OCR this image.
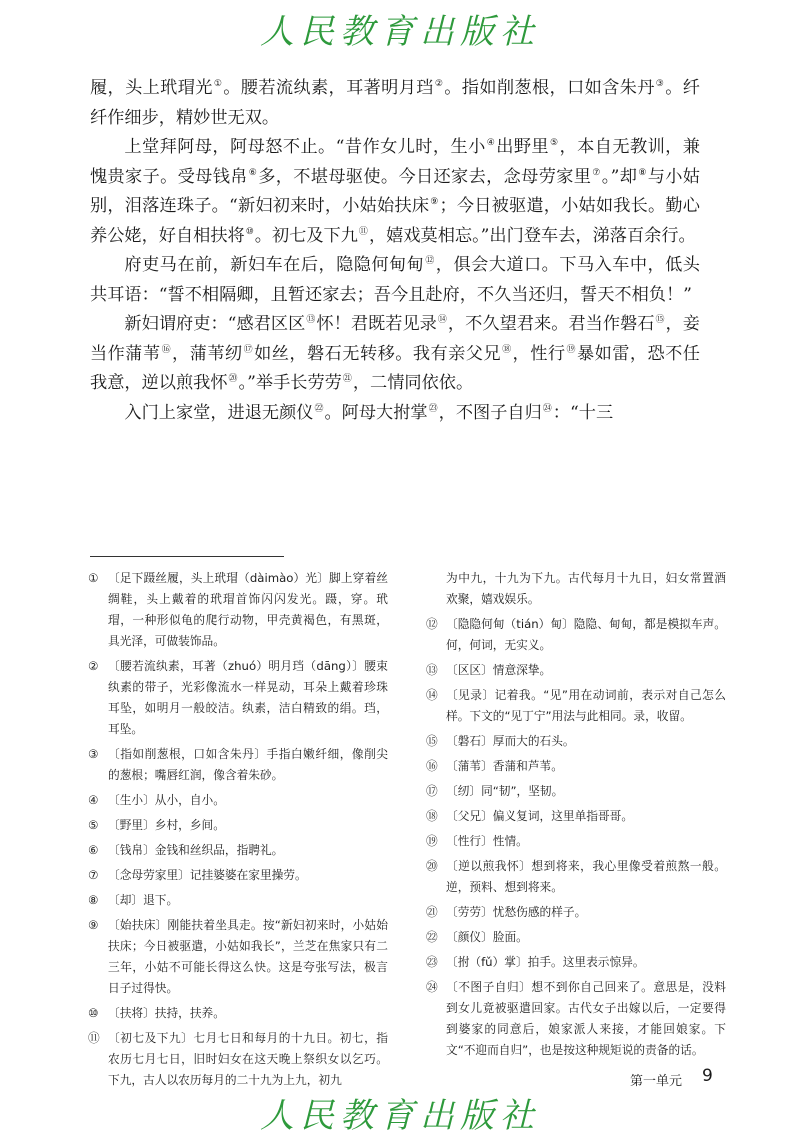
人民教育出版社

履，头上玳瑁光①。腰若流纨素，耳著明月珰②。指如削葱根，口如含朱丹③。纤纤作细步，精妙世无双。

上堂拜阿母，阿母怒不止。“昔作女儿时，生小④出野里⑤，本自无教训，兼愧贵家子。受母钱帛⑥多，不堪母驱使。今日还家去，念母劳家里⑦。”却⑧与小姑别，泪落连珠子。“新妇初来时，小姑始扶床⑨；今日被驱遣，小姑如我长。勤心养公姥，好自相扶将⑩。初七及下九⑪，嬉戏莫相忘。”出门登车去，涕落百余行。

府吏马在前，新妇车在后，隐隐何甸甸⑫，俱会大道口。下马入车中，低头共耳语：“誓不相隔卿，且暂还家去；吾今且赴府，不久当还归，誓天不相负！”

新妇谓府吏：“感君区区⑬怀！君既若见录⑭，不久望君来。君当作磐石⑮，妾当作蒲苇⑯，蒲苇纫⑰如丝，磐石无转移。我有亲父兄⑱，性行⑲暴如雷，恐不任我意，逆以煎我怀⑳。”举手长劳劳$^㉑$，二情同依依。

入门上家堂，进退无颜仪$^㉒$。阿母大拊掌$^㉓$，不图子自归$^㉔$：“十三

① 〔足下蹑丝履，头上玳瑁（dàimào）光〕脚上穿着丝绸鞋，头上戴着的玳瑁首饰闪闪发光。蹑，穿。玳瑁，一种形似龟的爬行动物，甲壳黄褐色，有黑斑，具光泽，可做装饰品。

② 〔腰若流纨素，耳著（zhuó）明月珰（dāng）〕腰束纨素的带子，光彩像流水一样晃动，耳朵上戴着珍珠耳坠，如明月一般皎洁。纨素，洁白精致的绢。珰，耳坠。

③ 〔指如削葱根，口如含朱丹〕手指白嫩纤细，像削尖的葱根；嘴唇红润，像含着朱砂。

④ 〔生小〕从小，自小。

⑤ 〔野里〕乡村，乡间。

⑥ 〔钱帛〕金钱和丝织品，指聘礼。

⑦ 〔念母劳家里〕记挂婆婆在家里操劳。

⑧ 〔却〕退下。

⑨ 〔始扶床〕刚能扶着坐具走。按“新妇初来时，小姑始扶床；今日被驱遣，小姑如我长”，兰芝在焦家只有二三年，小姑不可能长得这么快。这是夸张写法，极言日子过得快。

⑩ 〔扶将〕扶持，扶养。

⑪ 〔初七及下九〕七月七日和每月的十九日。初七，指农历七月七日，旧时妇女在这天晚上祭织女以乞巧。下九，古人以农历每月的二十九为上九，初九

为中九，十九为下九。古代每月十九日，妇女常置酒欢聚，嬉戏娱乐。

⑫ 〔隐隐何甸（tián）甸〕隐隐、甸甸，都是模拟车声。何，何词，无实义。

⑬ 〔区区〕情意深挚。

⑭ 〔见录〕记着我。“见”用在动词前，表示对自己怎么样。下文的“见丁宁”用法与此相同。录，收留。

⑮ 〔磐石〕厚而大的石头。

⑯ 〔蒲苇〕香蒲和芦苇。

⑰ 〔纫〕同“韧”，坚韧。

⑱ 〔父兄〕偏义复词，这里单指哥哥。

⑲ 〔性行〕性情。

⑳ 〔逆以煎我怀〕想到将来，我心里像受着煎熬一般。逆，预料、想到将来。

㉑ 〔劳劳〕忧愁伤感的样子。

㉒ 〔颜仪〕脸面。

㉓ 〔拊（fǔ）掌〕拍手。这里表示惊异。

㉔ 〔不图子自归〕想不到你自己回来了。意思是，没料到女儿竟被驱遣回家。古代女子出嫁以后，一定要得到婆家的同意后，娘家派人来接，才能回娘家。下文“不迎而自归”，也是按这种规矩说的责备的话。

第一单元 9
人民教育出版社
